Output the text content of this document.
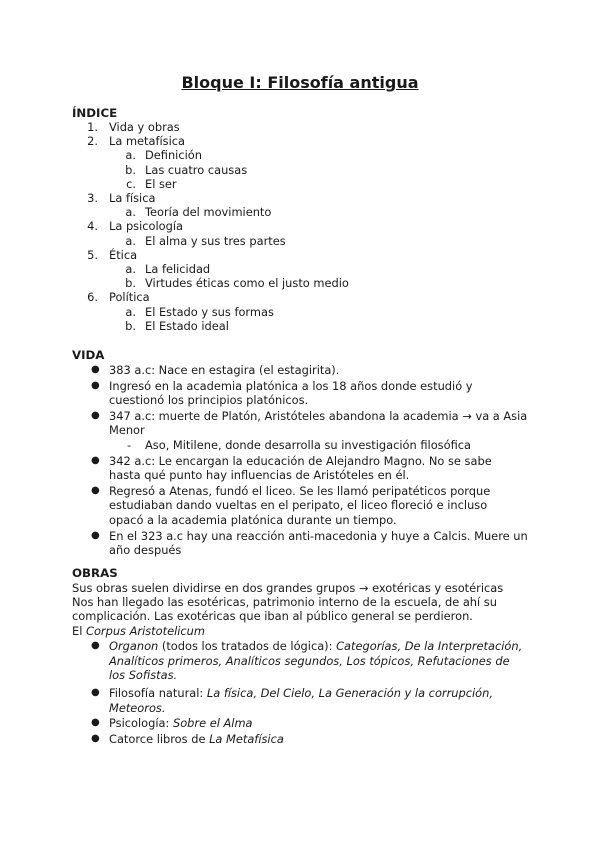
Bloque I: Filosofía antigua
ÍNDICE
1. Vida y obras
2. La metafísica
a. Definición
b. Las cuatro causas
c. El ser
3. La física
a. Teoría del movimiento
4. La psicología
a. El alma y sus tres partes
5. Ética
a. La felicidad
b. Virtudes éticas como el justo medio
6. Política
a. El Estado y sus formas
b. El Estado ideal
VIDA
● 383 a.c: Nace en estagira (el estagirita).
● Ingresó en la academia platónica a los 18 años donde estudió y
cuestionó los principios platónicos.
● 347 a.c: muerte de Platón, Aristóteles abandona la academia → va a Asia
Menor
- Aso, Mitilene, donde desarrolla su investigación filosófica
● 342 a.c: Le encargan la educación de Alejandro Magno. No se sabe
hasta qué punto hay influencias de Aristóteles en él.
● Regresó a Atenas, fundó el liceo. Se les llamó peripatéticos porque
estudiaban dando vueltas en el peripato, el liceo floreció e incluso
opacó a la academia platónica durante un tiempo.
● En el 323 a.c hay una reacción anti-macedonia y huye a Calcis. Muere un
año después
OBRAS
Sus obras suelen dividirse en dos grandes grupos → exotéricas y esotéricas
Nos han llegado las esotéricas, patrimonio interno de la escuela, de ahí su
complicación. Las exotéricas que iban al público general se perdieron.
El Corpus Aristotelicum
● Organon (todos los tratados de lógica): Categorías, De la Interpretación,
Analíticos primeros, Analíticos segundos, Los tópicos, Refutaciones de
los Sofistas.
● Filosofía natural: La física, Del Cielo, La Generación y la corrupción,
Meteoros.
● Psicología: Sobre el Alma
● Catorce libros de La Metafísica
